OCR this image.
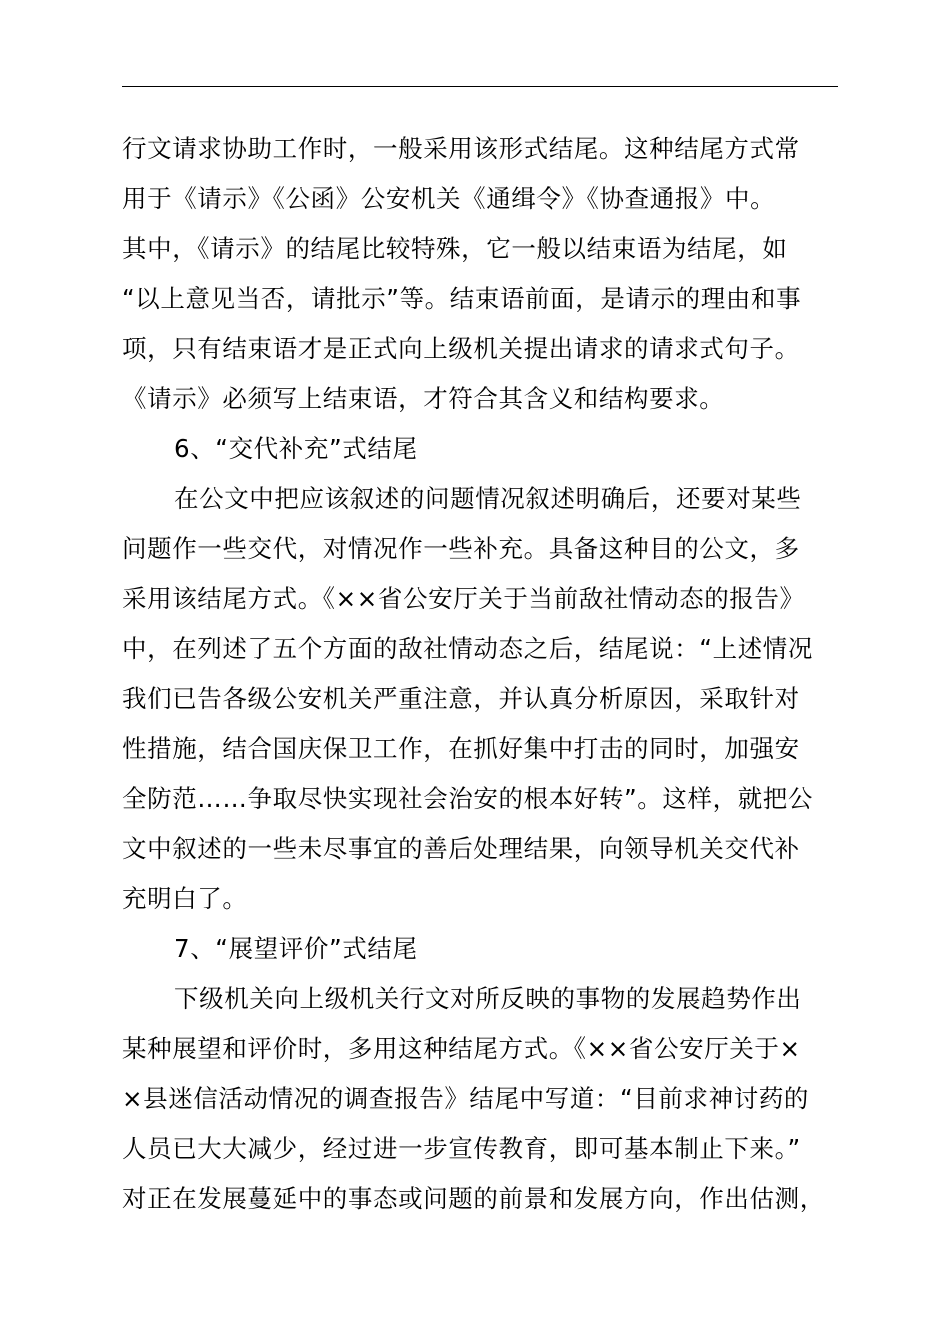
行文请求协助工作时，一般采用该形式结尾。这种结尾方式常
用于《请示》《公函》公安机关《通缉令》《协查通报》中。
其中，《请示》的结尾比较特殊，它一般以结束语为结尾，如
“以上意见当否，请批示”等。结束语前面，是请示的理由和事
项，只有结束语才是正式向上级机关提出请求的请求式句子。
《请示》必须写上结束语，才符合其含义和结构要求。
6、“交代补充”式结尾
在公文中把应该叙述的问题情况叙述明确后，还要对某些
问题作一些交代，对情况作一些补充。具备这种目的公文，多
采用该结尾方式。《××省公安厅关于当前敌社情动态的报告》
中，在列述了五个方面的敌社情动态之后，结尾说：“上述情况
我们已告各级公安机关严重注意，并认真分析原因，采取针对
性措施，结合国庆保卫工作，在抓好集中打击的同时，加强安
全防范……争取尽快实现社会治安的根本好转”。这样，就把公
文中叙述的一些未尽事宜的善后处理结果，向领导机关交代补
充明白了。
7、“展望评价”式结尾
下级机关向上级机关行文对所反映的事物的发展趋势作出
某种展望和评价时，多用这种结尾方式。《××省公安厅关于×
×县迷信活动情况的调查报告》结尾中写道：“目前求神讨药的
人员已大大减少，经过进一步宣传教育，即可基本制止下来。”
对正在发展蔓延中的事态或问题的前景和发展方向，作出估测，
